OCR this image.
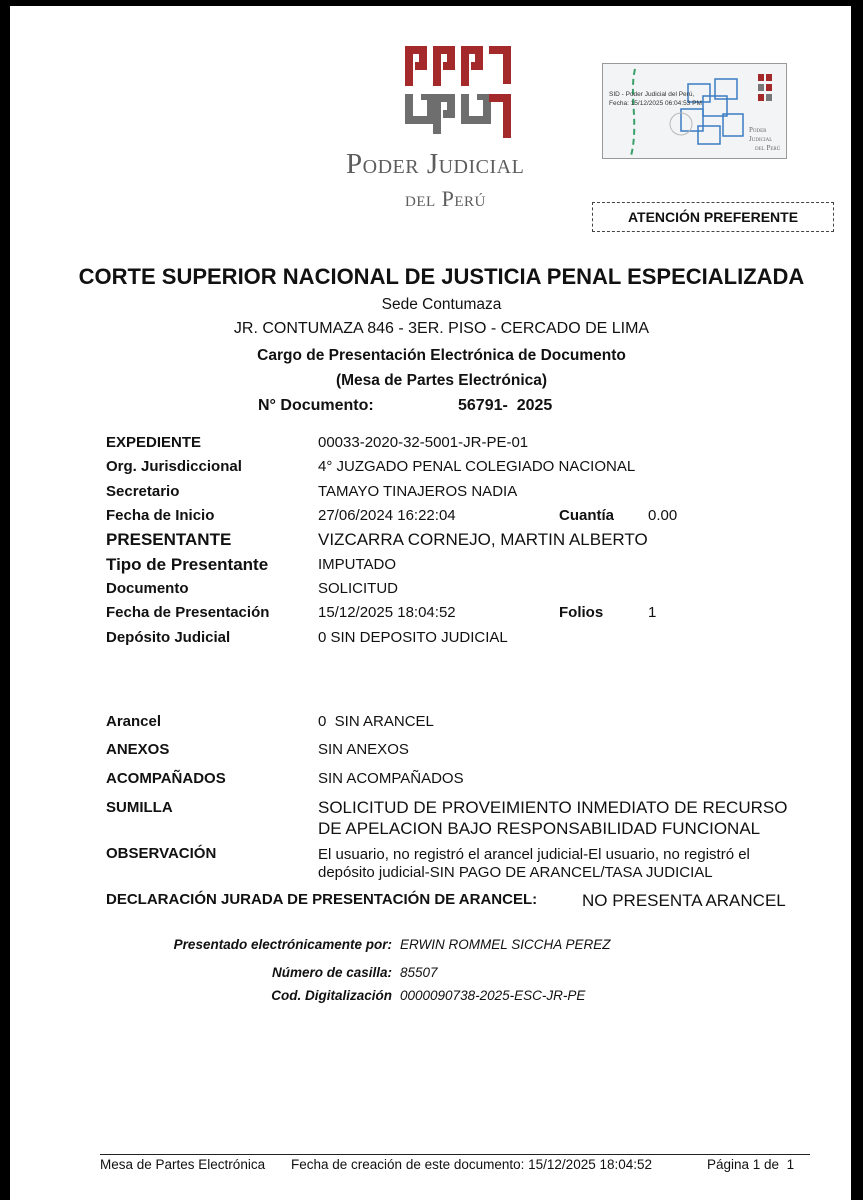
Poder Judicial
del Perú
SID - Poder Judicial del Perú,
Fecha: 15/12/2025 06:04:53 PM
Poder Judicial
del Perú
ATENCIÓN PREFERENTE
CORTE SUPERIOR NACIONAL DE JUSTICIA PENAL ESPECIALIZADA
Sede Contumaza
JR. CONTUMAZA 846 - 3ER. PISO - CERCADO DE LIMA
Cargo de Presentación Electrónica de Documento
(Mesa de Partes Electrónica)
N° Documento:	56791-  2025
EXPEDIENTE	00033-2020-32-5001-JR-PE-01
Org. Jurisdiccional	4° JUZGADO PENAL COLEGIADO NACIONAL
Secretario	TAMAYO TINAJEROS NADIA
Fecha de Inicio	27/06/2024 16:22:04	Cuantía 0.00
PRESENTANTE	VIZCARRA CORNEJO, MARTIN ALBERTO
Tipo de Presentante	IMPUTADO
Documento	SOLICITUD
Fecha de Presentación	15/12/2025 18:04:52	Folios	1
Depósito Judicial	0 SIN DEPOSITO JUDICIAL
Arancel	0  SIN ARANCEL
ANEXOS	SIN ANEXOS
ACOMPAÑADOS	SIN ACOMPAÑADOS
SUMILLA	SOLICITUD DE PROVEIMIENTO INMEDIATO DE RECURSO
DE APELACION BAJO RESPONSABILIDAD FUNCIONAL
OBSERVACIÓN	El usuario, no registró el arancel judicial-El usuario, no registró el
depósito judicial-SIN PAGO DE ARANCEL/TASA JUDICIAL
DECLARACIÓN JURADA DE PRESENTACIÓN DE ARANCEL:	NO PRESENTA ARANCEL
Presentado electrónicamente por: ERWIN ROMMEL SICCHA PEREZ
Número de casilla: 85507
Cod. Digitalización 0000090738-2025-ESC-JR-PE
Mesa de Partes Electrónica Fecha de creación de este documento: 15/12/2025 18:04:52	Página 1 de  1
